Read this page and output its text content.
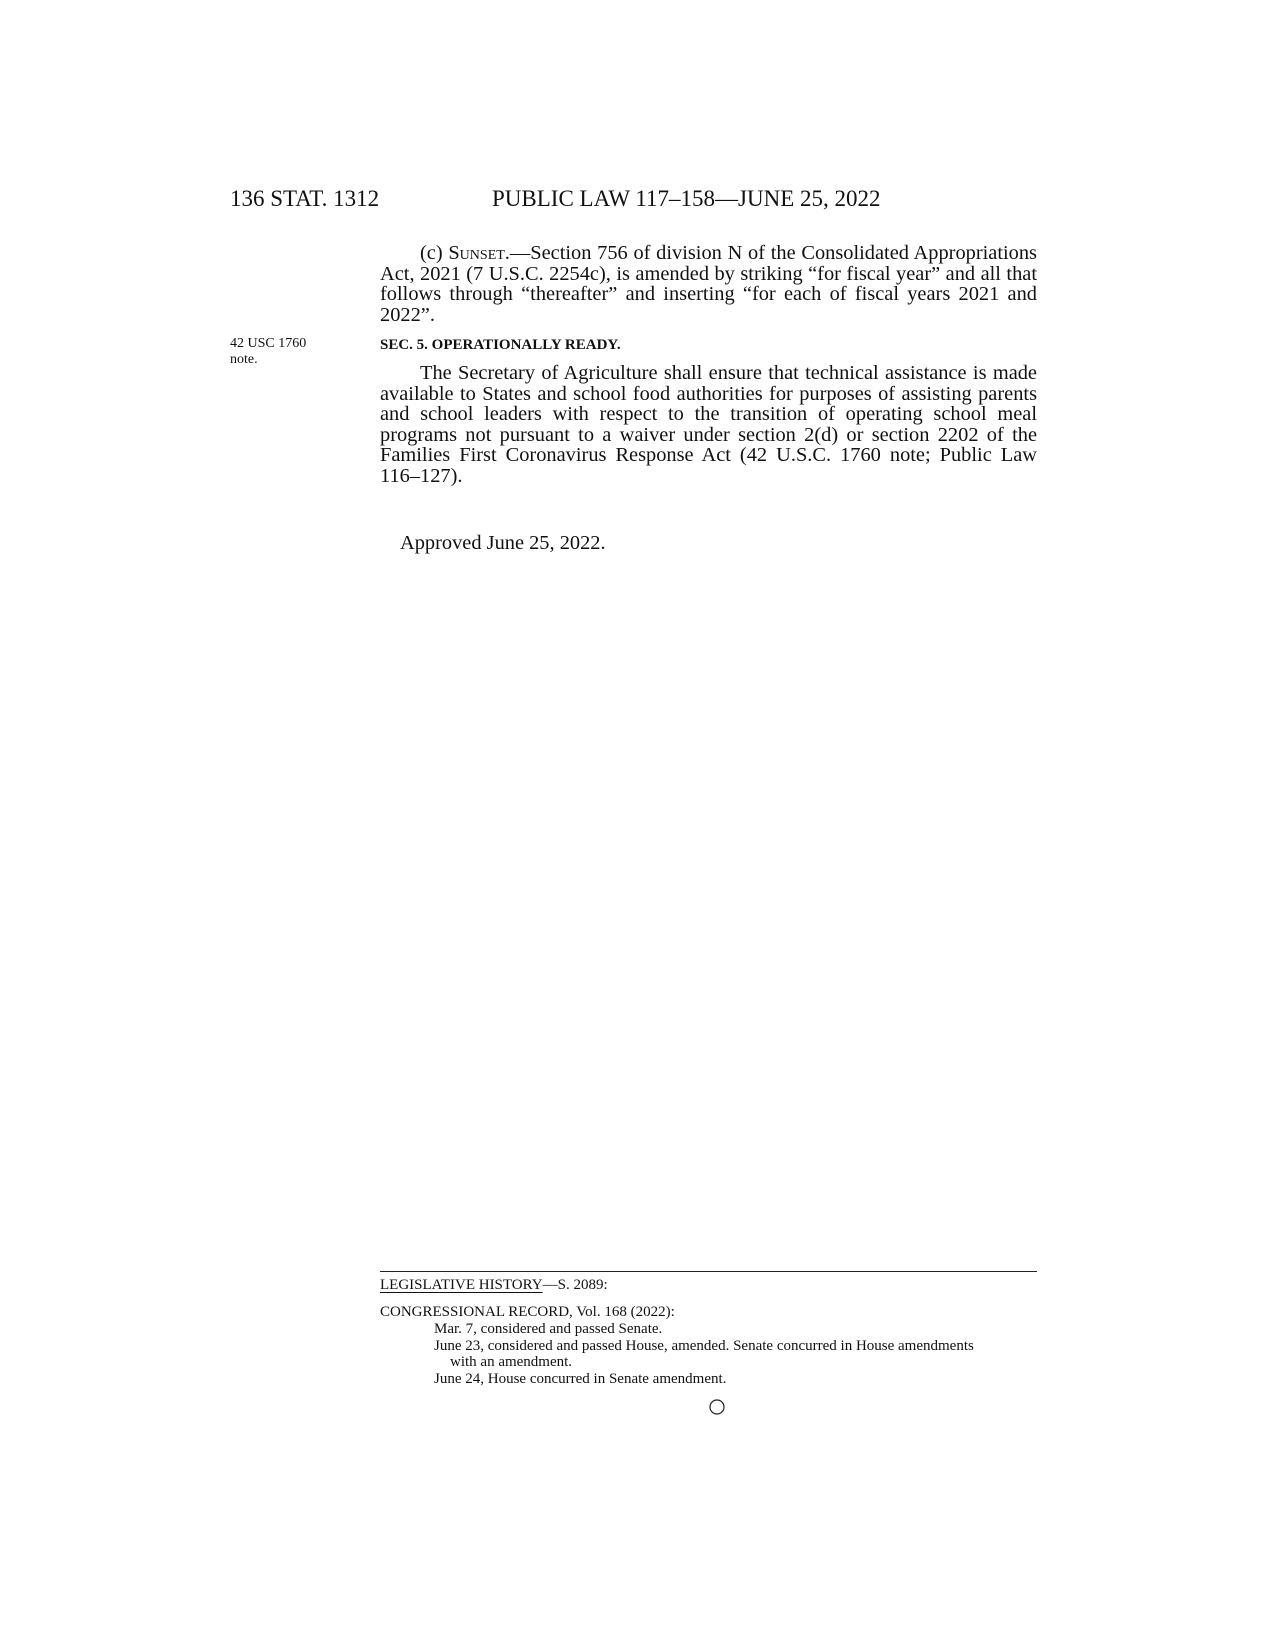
136 STAT. 1312	PUBLIC LAW 117–158—JUNE 25, 2022

(c) Sunset.—Section 756 of division N of the Consolidated Appropriations Act, 2021 (7 U.S.C. 2254c), is amended by striking “for fiscal year” and all that follows through “thereafter” and inserting “for each of fiscal years 2021 and 2022”.

42 USC 1760
note.
SEC. 5. OPERATIONALLY READY.

The Secretary of Agriculture shall ensure that technical assistance is made available to States and school food authorities for purposes of assisting parents and school leaders with respect to the transition of operating school meal programs not pursuant to a waiver under section 2(d) or section 2202 of the Families First Coronavirus Response Act (42 U.S.C. 1760 note; Public Law 116–127).

Approved June 25, 2022.
LEGISLATIVE HISTORY—S. 2089:
CONGRESSIONAL RECORD, Vol. 168 (2022):
Mar. 7, considered and passed Senate.
June 23, considered and passed House, amended. Senate concurred in House amendments with an amendment.
June 24, House concurred in Senate amendment.
